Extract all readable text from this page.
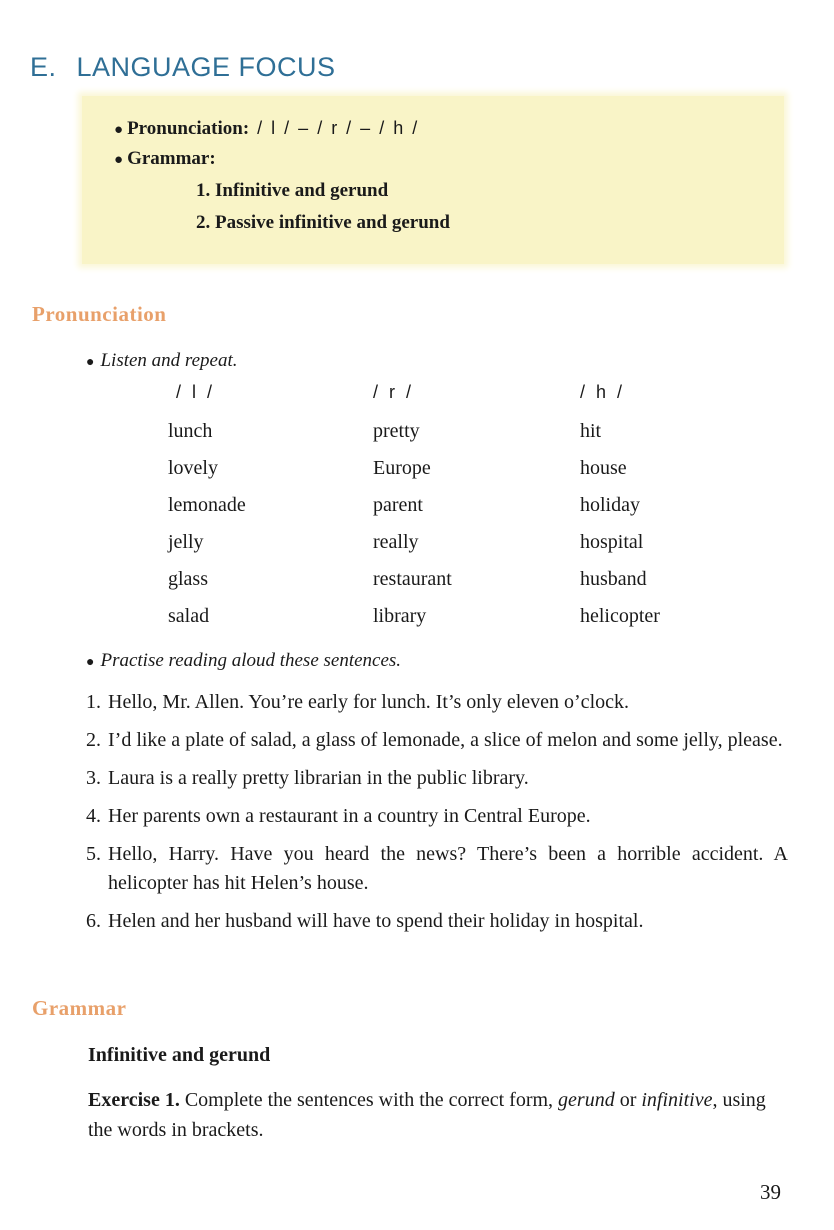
E. LANGUAGE FOCUS
● Pronunciation: / l / – / r / – / h /
● Grammar:
1. Infinitive and gerund
2. Passive infinitive and gerund
Pronunciation
● Listen and repeat.
/ l /
lunch
lovely
lemonade
jelly
glass
salad
/ r /
pretty
Europe
parent
really
restaurant
library
/ h /
hit
house
holiday
hospital
husband
helicopter
● Practise reading aloud these sentences.
1. Hello, Mr. Allen. You’re early for lunch. It’s only eleven o’clock.
2. I’d like a plate of salad, a glass of lemonade, a slice of melon and some jelly, please.
3. Laura is a really pretty librarian in the public library.
4. Her parents own a restaurant in a country in Central Europe.
5. Hello, Harry. Have you heard the news? There’s been a horrible accident. A helicopter has hit Helen’s house.
6. Helen and her husband will have to spend their holiday in hospital.
Grammar
Infinitive and gerund
Exercise 1. Complete the sentences with the correct form, gerund or infinitive, using the words in brackets.
39
